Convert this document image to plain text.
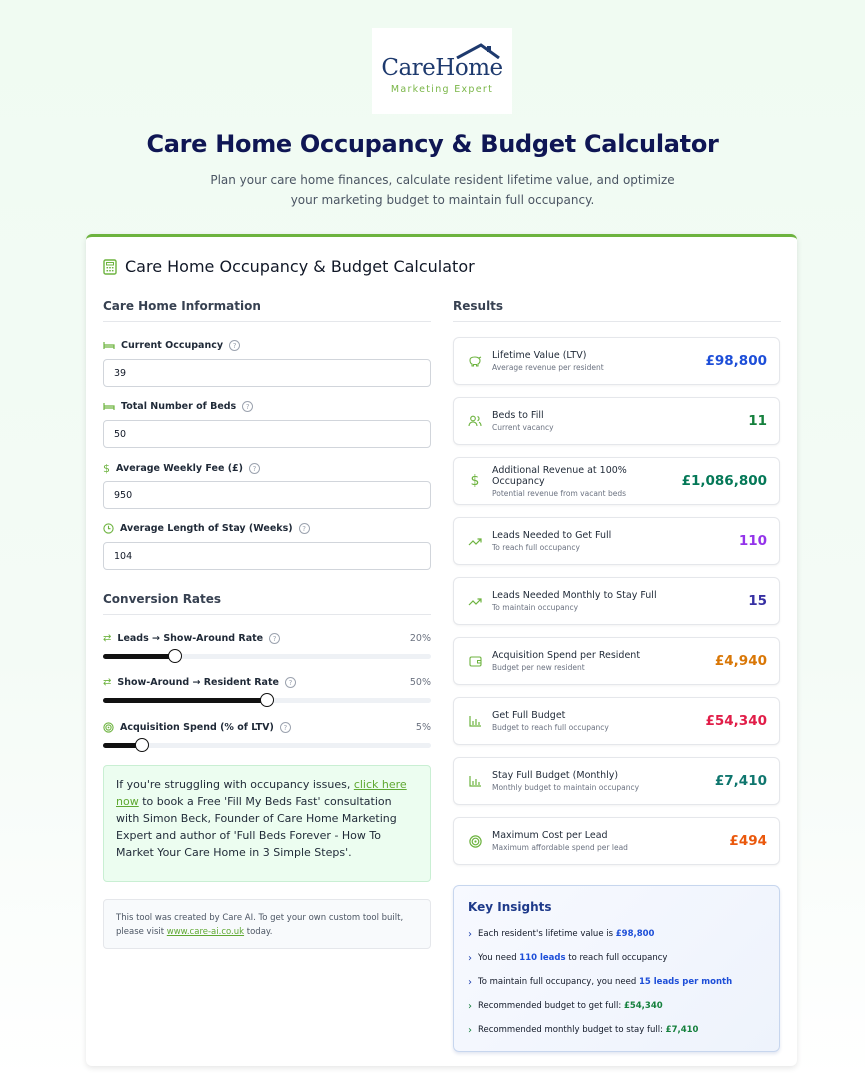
CareHome
Marketing Expert
Care Home Occupancy & Budget Calculator

Plan your care home finances, calculate resident lifetime value, and optimize your marketing budget to maintain full occupancy.

Care Home Occupancy & Budget Calculator
Care Home Information
Current Occupancy	?
39
Total Number of Beds	?
50
$ Average Weekly Fee (£)	?
950
Average Length of Stay (Weeks)	?
104
Conversion Rates
⇄ Leads → Show-Around Rate	?	20%
⇄ Show-Around → Resident Rate	?	50%
Acquisition Spend (% of LTV)	?	5%
If you're struggling with occupancy issues, click here now to book a Free 'Fill My Beds Fast' consultation with Simon Beck, Founder of Care Home Marketing Expert and author of 'Full Beds Forever - How To Market Your Care Home in 3 Simple Steps'.
This tool was created by Care AI. To get your own custom tool built, please visit www.care-ai.co.uk today.
Results
Lifetime Value (LTV)
Average revenue per resident	£98,800
Beds to Fill
Current vacancy	11
$
Additional Revenue at 100% Occupancy
Potential revenue from vacant beds
£1,086,800
Leads Needed to Get Full
To reach full occupancy	110
Leads Needed Monthly to Stay Full
To maintain occupancy	15
Acquisition Spend per Resident
Budget per new resident	£4,940
Get Full Budget
Budget to reach full occupancy	£54,340
Stay Full Budget (Monthly)
Monthly budget to maintain occupancy	£7,410
Maximum Cost per Lead
Maximum affordable spend per lead	£494
Key Insights
› Each resident's lifetime value is £98,800
› You need 110 leads to reach full occupancy
› To maintain full occupancy, you need 15 leads per month
› Recommended budget to get full: £54,340
› Recommended monthly budget to stay full: £7,410
